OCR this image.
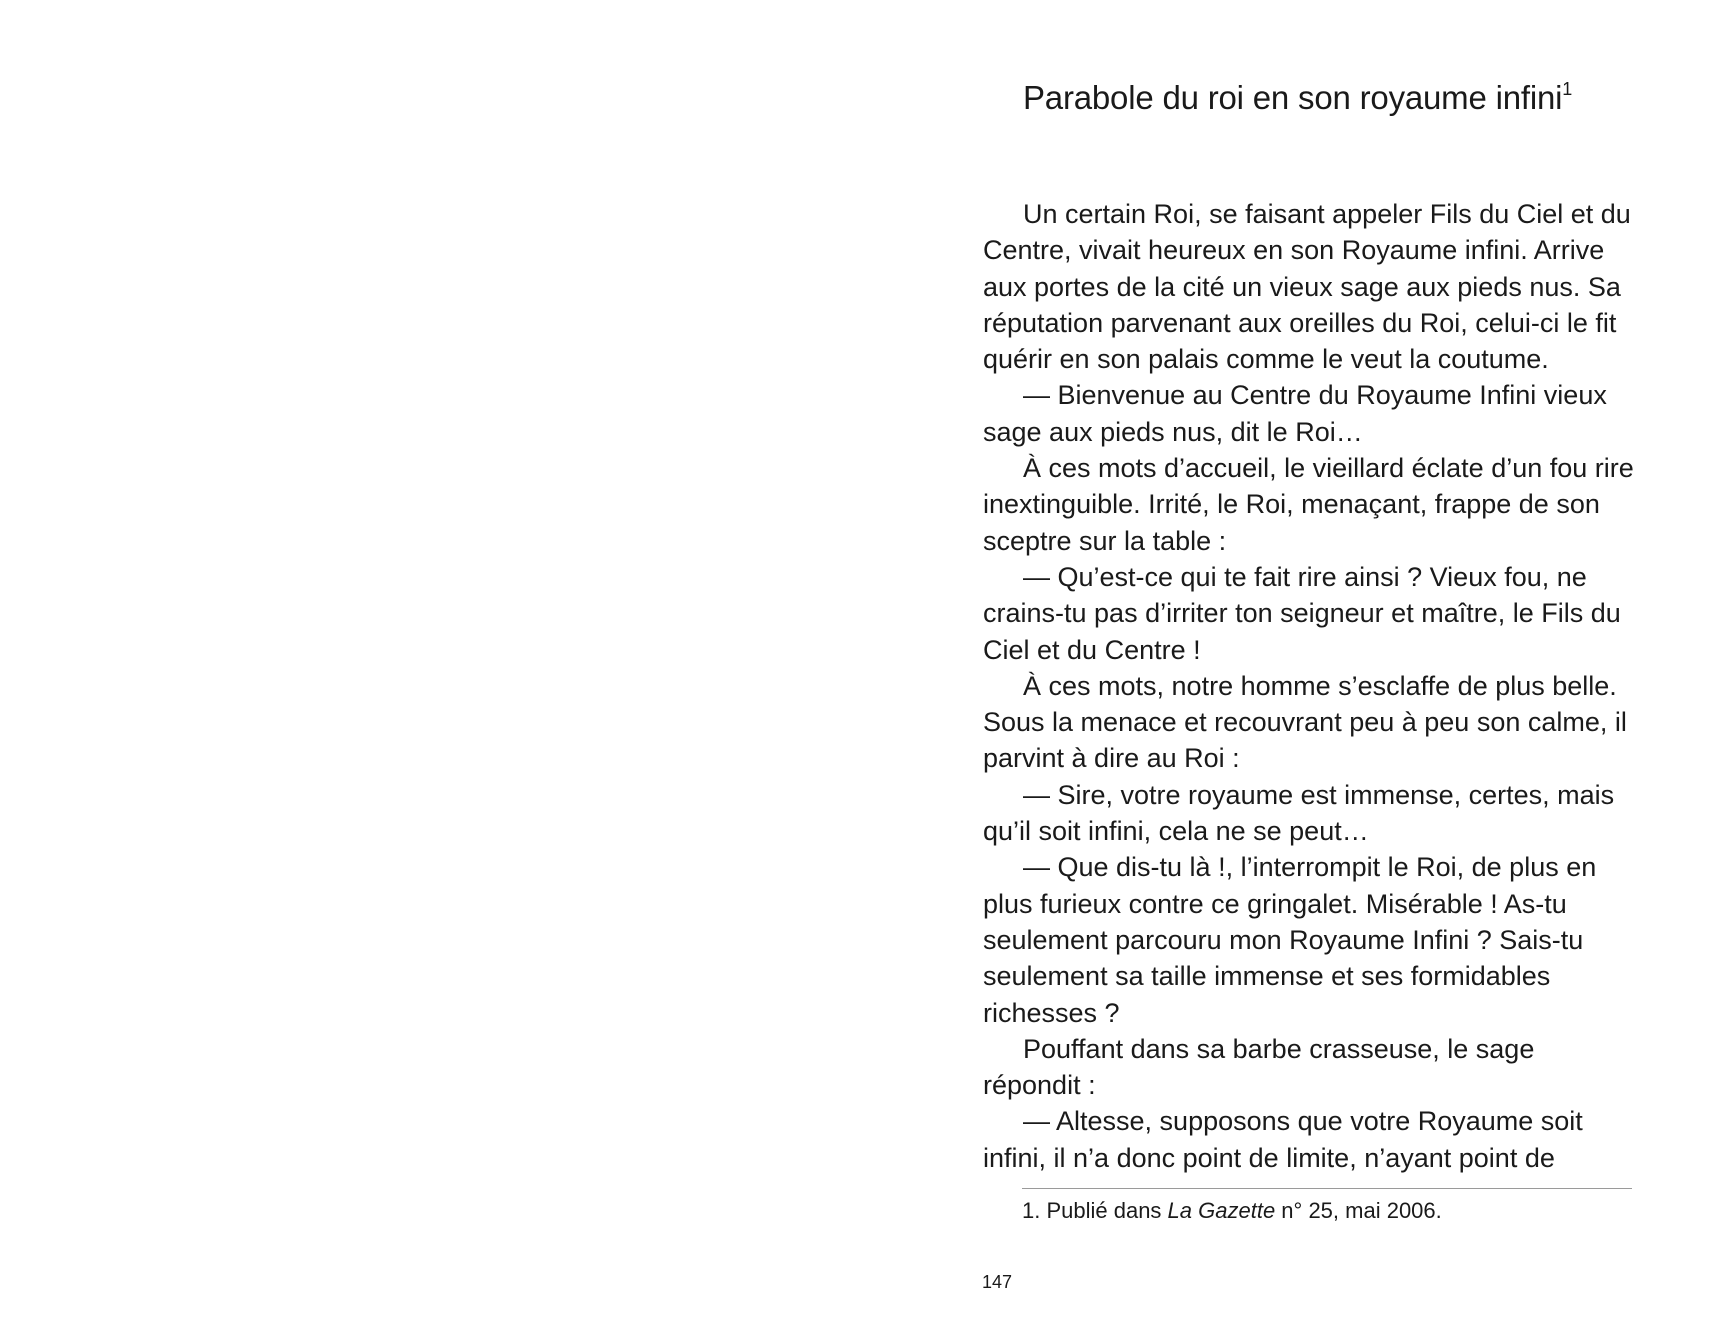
Parabole du roi en son royaume infini$^1$

Un certain Roi, se faisant appeler Fils du Ciel et du Centre, vivait heureux en son Royaume infini. Arrive aux portes de la cité un vieux sage aux pieds nus. Sa réputation parvenant aux oreilles du Roi, celui-ci le fit quérir en son palais comme le veut la coutume.

— Bienvenue au Centre du Royaume Infini vieux sage aux pieds nus, dit le Roi…

À ces mots d’accueil, le vieillard éclate d’un fou rire inextinguible. Irrité, le Roi, menaçant, frappe de son sceptre sur la table :

— Qu’est-ce qui te fait rire ainsi ? Vieux fou, ne crains-tu pas d’irriter ton seigneur et maître, le Fils du Ciel et du Centre !

À ces mots, notre homme s’esclaffe de plus belle. Sous la menace et recouvrant peu à peu son calme, il parvint à dire au Roi :

— Sire, votre royaume est immense, certes, mais qu’il soit infini, cela ne se peut…

— Que dis-tu là !, l’interrompit le Roi, de plus en plus furieux contre ce gringalet. Misérable ! As-tu seulement parcouru mon Royaume Infini ? Sais-tu seulement sa taille immense et ses formidables richesses ?

Pouffant dans sa barbe crasseuse, le sage répondit :

— Altesse, supposons que votre Royaume soit infini, il n’a donc point de limite, n’ayant point de

1. Publié dans La Gazette n° 25, mai 2006.
147
